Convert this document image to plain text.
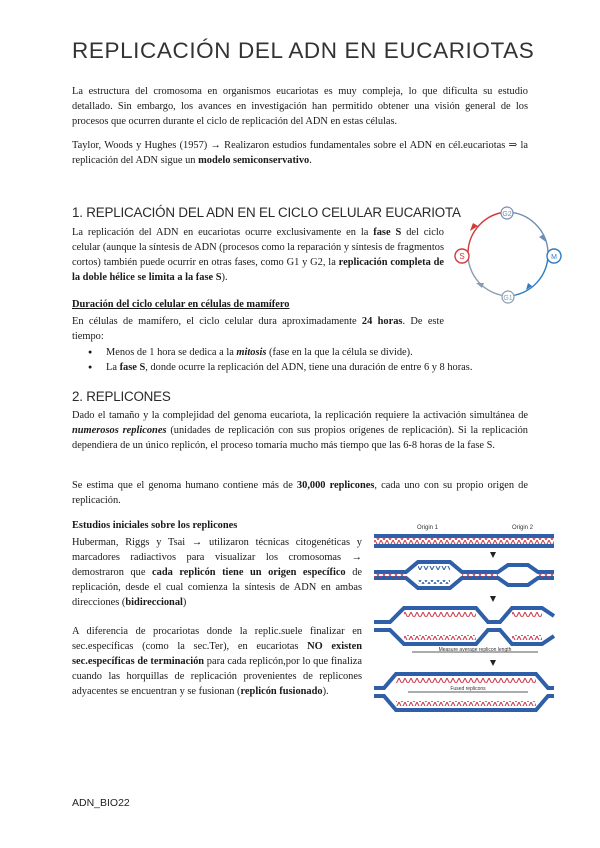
REPLICACIÓN DEL ADN EN EUCARIOTAS

La estructura del cromosoma en organismos eucariotas es muy compleja, lo que dificulta su estudio detallado. Sin embargo, los avances en investigación han permitido obtener una visión general de los procesos que ocurren durante el ciclo de replicación del ADN en estas células.

Taylor, Woods y Hughes (1957) → Realizaron estudios fundamentales sobre el ADN en cél.eucariotas ⇒ la replicación del ADN sigue un modelo semiconservativo.

1. REPLICACIÓN DEL ADN EN EL CICLO CELULAR EUCARIOTA

La replicación del ADN en eucariotas ocurre exclusivamente en la fase S del ciclo celular (aunque la síntesis de ADN (procesos como la reparación y síntesis de fragmentos cortos) también puede ocurrir en otras fases, como G1 y G2, la replicación completa de la doble hélice se limita a la fase S).

G2
S	M
G1
Duración del ciclo celular en células de mamífero

En células de mamífero, el ciclo celular dura aproximadamente 24 horas. De este tiempo:

● Menos de 1 hora se dedica a la mitosis (fase en la que la célula se divide).
● La fase S, donde ocurre la replicación del ADN, tiene una duración de entre 6 y 8 horas.
2. REPLICONES

Dado el tamaño y la complejidad del genoma eucariota, la replicación requiere la activación simultánea de numerosos replicones (unidades de replicación con sus propios orígenes de replicación). Si la replicación dependiera de un único replicón, el proceso tomaría mucho más tiempo que las 6-8 horas de la fase S.

Se estima que el genoma humano contiene más de 30,000 replicones, cada uno con su propio origen de replicación.

Estudios iniciales sobre los replicones

Huberman, Riggs y Tsai → utilizaron técnicas citogenéticas y marcadores radiactivos para visualizar los cromosomas → demostraron que cada replicón tiene un origen específico de replicación, desde el cual comienza la síntesis de ADN en ambas direcciones (bidireccional)

A diferencia de procariotas donde la replic.suele finalizar en sec.específicas (como la sec.Ter), en eucariotas NO existen sec.específicas de terminación para cada replicón,por lo que finaliza cuando las horquillas de replicación provenientes de replicones adyacentes se encuentran y se fusionan (replicón fusionado).

Origin 1	Origin 2
Measure average replicon length
Fused replicons
ADN_BIO22
